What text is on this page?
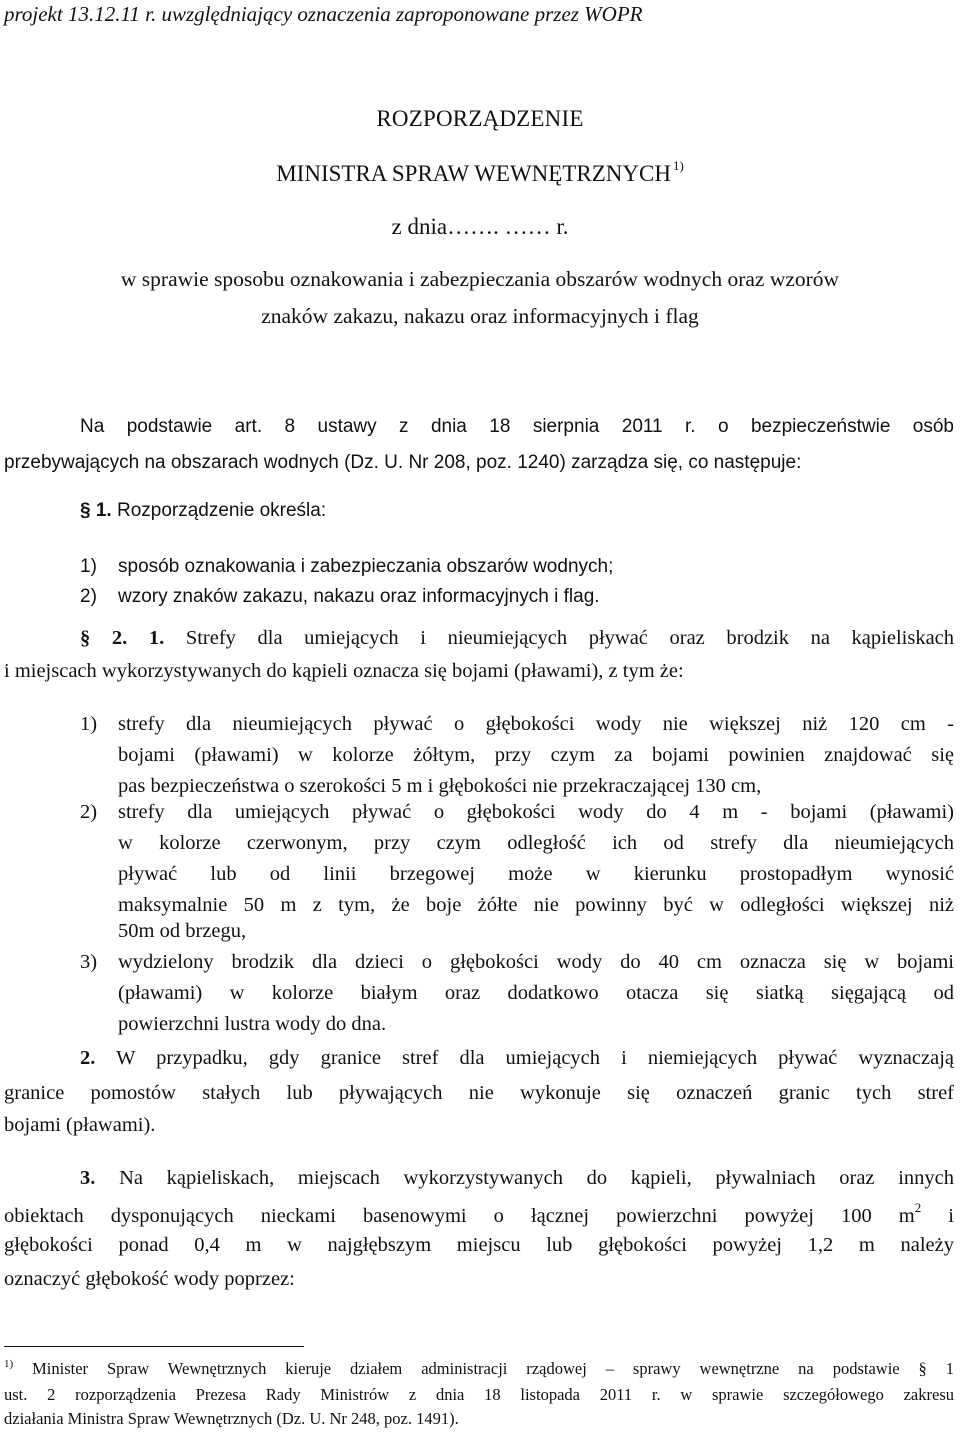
projekt 13.12.11 r. uwzględniający oznaczenia zaproponowane przez WOPR
ROZPORZĄDZENIE
MINISTRA SPRAW WEWNĘTRZNYCH $^{1)}$
z dnia……. …… r.
w sprawie sposobu oznakowania i zabezpieczania obszarów wodnych oraz wzorów
znaków zakazu, nakazu oraz informacyjnych i flag
Na podstawie art. 8 ustawy z dnia 18 sierpnia 2011 r. o bezpieczeństwie osób
przebywających na obszarach wodnych (Dz. U. Nr 208, poz. 1240) zarządza się, co następuje:
§ 1. Rozporządzenie określa:
1) sposób oznakowania i zabezpieczania obszarów wodnych;
2) wzory znaków zakazu, nakazu oraz informacyjnych i flag.
§ 2. 1. Strefy dla umiejących i nieumiejących pływać oraz brodzik na kąpieliskach
i miejscach wykorzystywanych do kąpieli oznacza się bojami (pławami), z tym że:
1) strefy dla nieumiejących pływać o głębokości wody nie większej niż 120 cm -
bojami (pławami) w kolorze żółtym, przy czym za bojami powinien znajdować się
pas bezpieczeństwa o szerokości 5 m i głębokości nie przekraczającej 130 cm,
2) strefy dla umiejących pływać o głębokości wody do 4 m - bojami (pławami)
w kolorze czerwonym, przy czym odległość ich od strefy dla nieumiejących
pływać lub od linii brzegowej może w kierunku prostopadłym wynosić
maksymalnie 50 m z tym, że boje żółte nie powinny być w odległości większej niż
50m od brzegu,
3) wydzielony brodzik dla dzieci o głębokości wody do 40 cm oznacza się w bojami
(pławami) w kolorze białym oraz dodatkowo otacza się siatką sięgającą od
powierzchni lustra wody do dna.
2. W przypadku, gdy granice stref dla umiejących i niemiejących pływać wyznaczają
granice pomostów stałych lub pływających nie wykonuje się oznaczeń granic tych stref
bojami (pławami).
3. Na kąpieliskach, miejscach wykorzystywanych do kąpieli, pływalniach oraz innych
obiektach dysponujących nieckami basenowymi o łącznej powierzchni powyżej 100 $m^2$ i
głębokości ponad 0,4 m w najgłębszym miejscu lub głębokości powyżej 1,2 m należy
oznaczyć głębokość wody poprzez:
$^{1)}$ Minister Spraw Wewnętrznych kieruje działem administracji rządowej – sprawy wewnętrzne na podstawie § 1
ust. 2 rozporządzenia Prezesa Rady Ministrów z dnia 18 listopada 2011 r. w sprawie szczegółowego zakresu
działania Ministra Spraw Wewnętrznych (Dz. U. Nr 248, poz. 1491).
